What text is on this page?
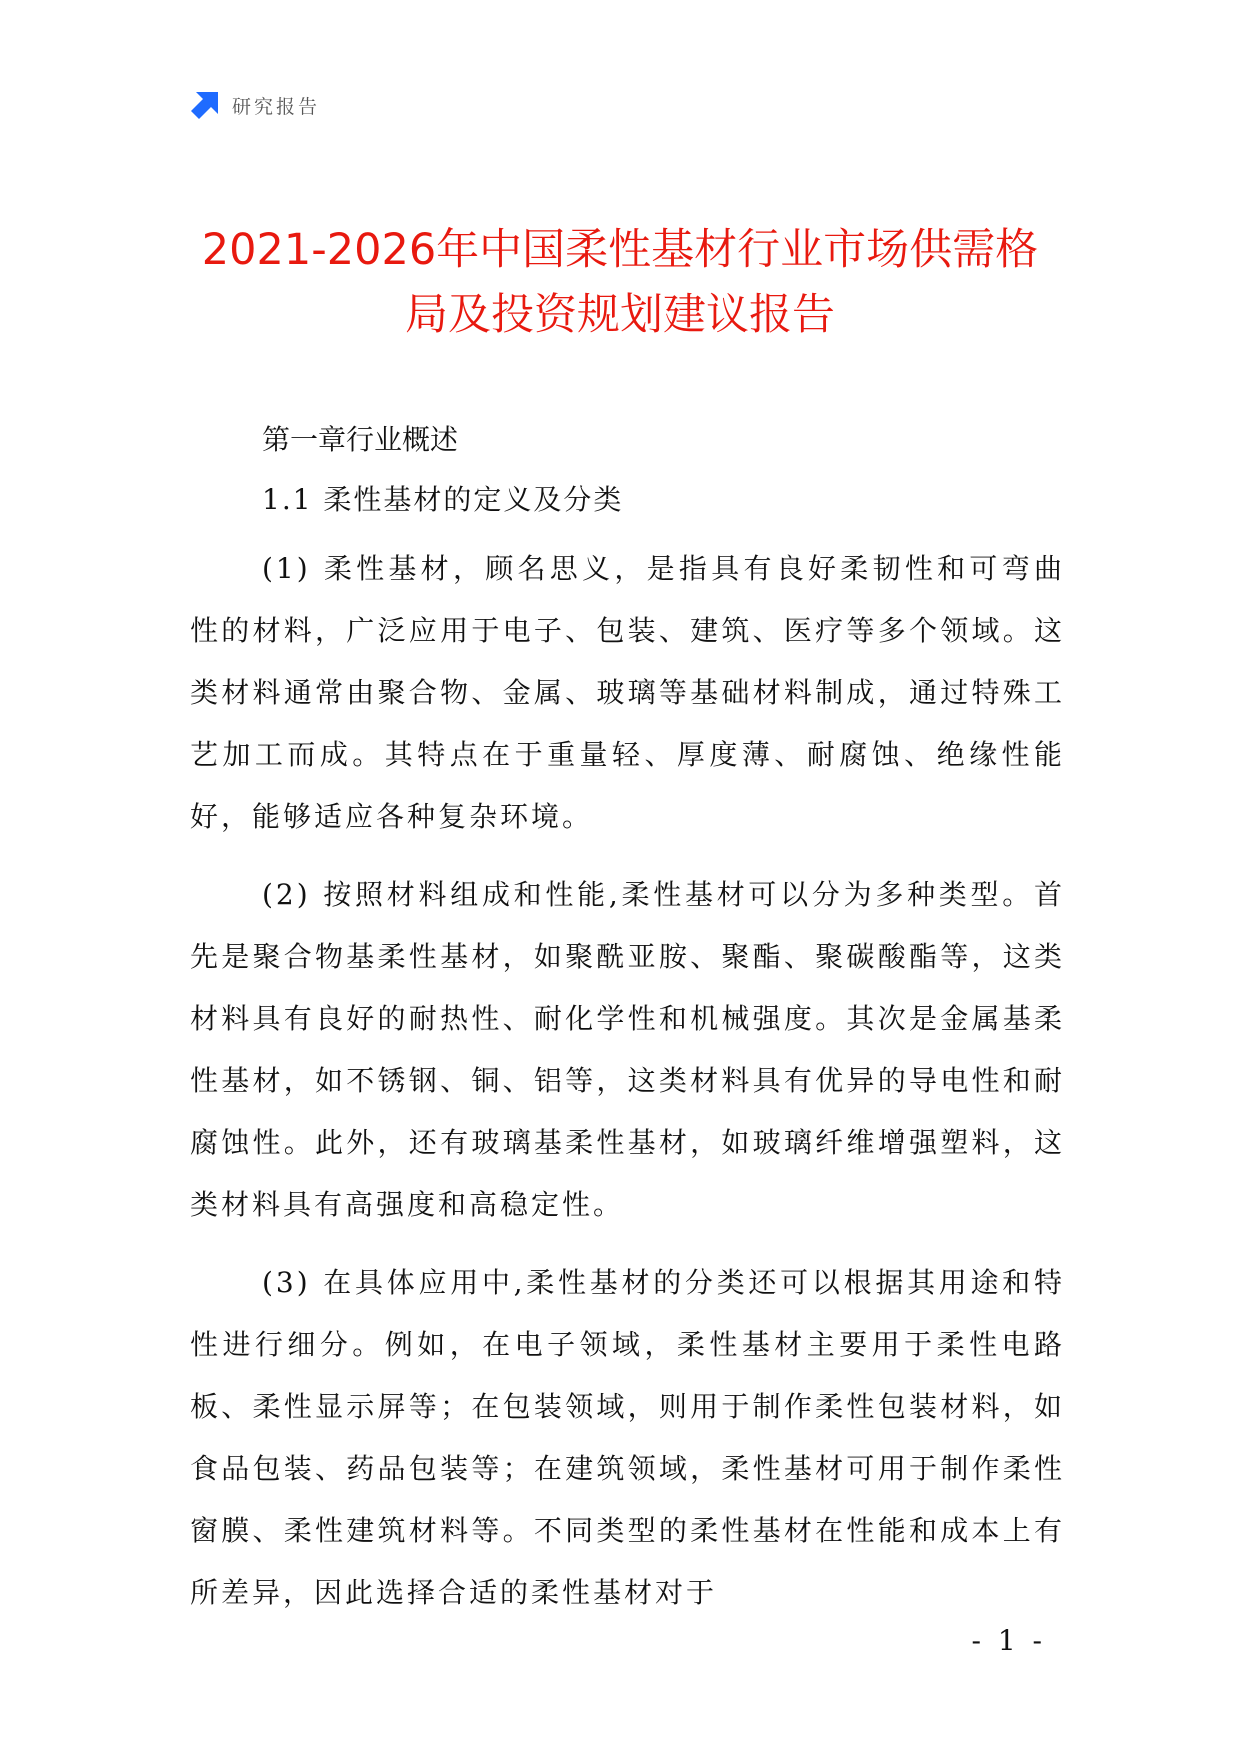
研究报告
2021-2026年中国柔性基材行业市场供需格
局及投资规划建议报告
第一章行业概述
1.1 柔性基材的定义及分类

(1) 柔性基材，顾名思义，是指具有良好柔韧性和可弯曲性的材料，广泛应用于电子、包装、建筑、医疗等多个领域。这类材料通常由聚合物、金属、玻璃等基础材料制成，通过特殊工艺加工而成。其特点在于重量轻、厚度薄、耐腐蚀、绝缘性能好，能够适应各种复杂环境。

(2) 按照材料组成和性能,柔性基材可以分为多种类型。首先是聚合物基柔性基材，如聚酰亚胺、聚酯、聚碳酸酯等，这类材料具有良好的耐热性、耐化学性和机械强度。其次是金属基柔性基材，如不锈钢、铜、铝等，这类材料具有优异的导电性和耐腐蚀性。此外，还有玻璃基柔性基材，如玻璃纤维增强塑料，这类材料具有高强度和高稳定性。

(3) 在具体应用中,柔性基材的分类还可以根据其用途和特性进行细分。例如，在电子领域，柔性基材主要用于柔性电路板、柔性显示屏等；在包装领域，则用于制作柔性包装材料，如食品包装、药品包装等；在建筑领域，柔性基材可用于制作柔性窗膜、柔性建筑材料等。不同类型的柔性基材在性能和成本上有所差异，因此选择合适的柔性基材对于

- 1 -
